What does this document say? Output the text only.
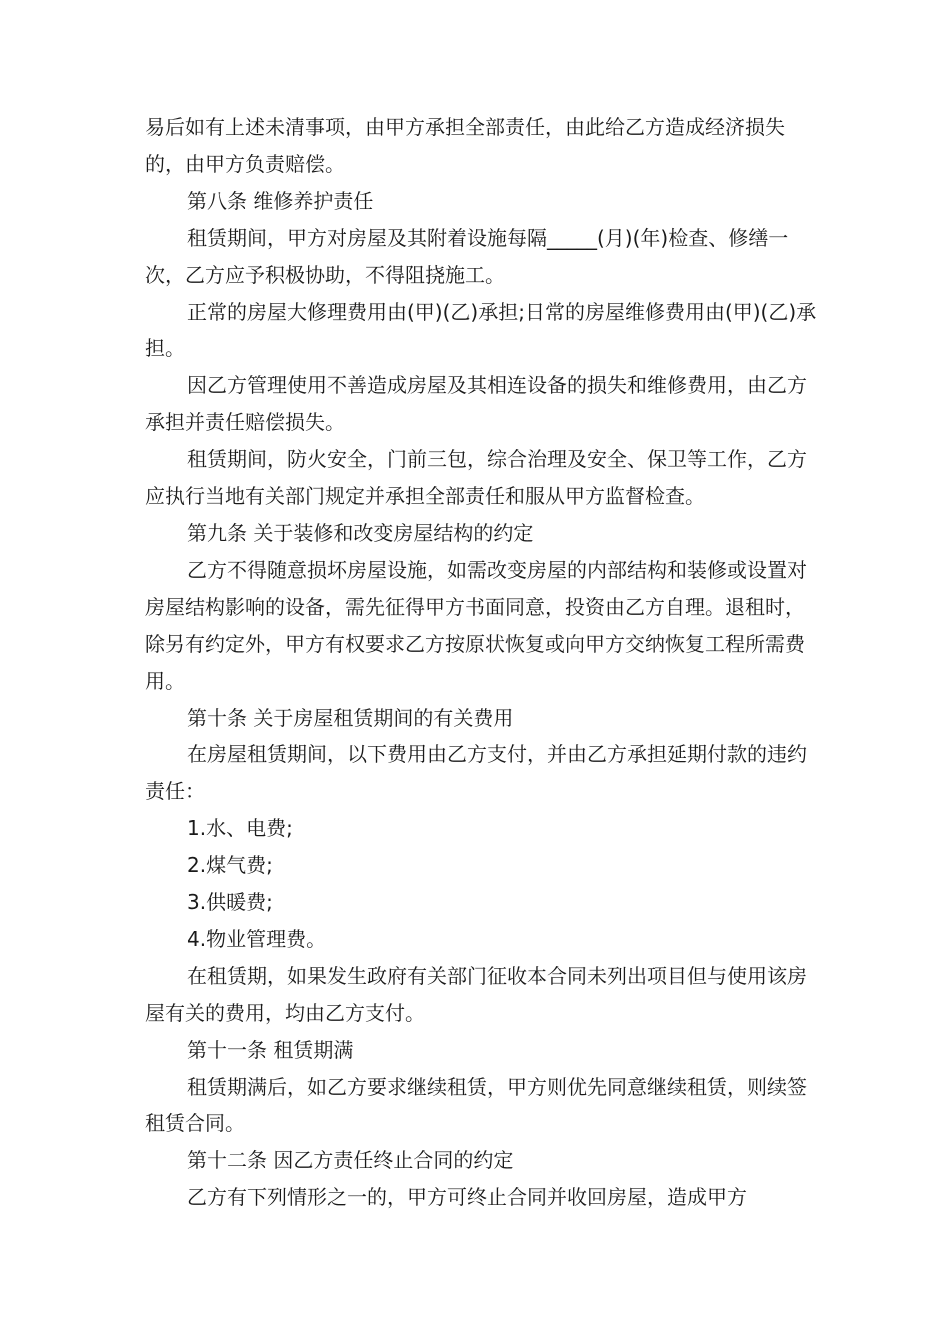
易后如有上述未清事项，由甲方承担全部责任，由此给乙方造成经济损失的，由甲方负责赔偿。

第八条 维修养护责任

租赁期间，甲方对房屋及其附着设施每隔_____(月)(年)检查、修缮一次，乙方应予积极协助，不得阻挠施工。

正常的房屋大修理费用由(甲)(乙)承担;日常的房屋维修费用由(甲)(乙)承担。

因乙方管理使用不善造成房屋及其相连设备的损失和维修费用，由乙方承担并责任赔偿损失。

租赁期间，防火安全，门前三包，综合治理及安全、保卫等工作，乙方应执行当地有关部门规定并承担全部责任和服从甲方监督检查。

第九条 关于装修和改变房屋结构的约定

乙方不得随意损坏房屋设施，如需改变房屋的内部结构和装修或设置对房屋结构影响的设备，需先征得甲方书面同意，投资由乙方自理。退租时，除另有约定外，甲方有权要求乙方按原状恢复或向甲方交纳恢复工程所需费用。

第十条 关于房屋租赁期间的有关费用

在房屋租赁期间，以下费用由乙方支付，并由乙方承担延期付款的违约责任：

1.水、电费;

2.煤气费;

3.供暖费;

4.物业管理费。

在租赁期，如果发生政府有关部门征收本合同未列出项目但与使用该房屋有关的费用，均由乙方支付。

第十一条 租赁期满

租赁期满后，如乙方要求继续租赁，甲方则优先同意继续租赁，则续签租赁合同。

第十二条 因乙方责任终止合同的约定

乙方有下列情形之一的，甲方可终止合同并收回房屋，造成甲方
